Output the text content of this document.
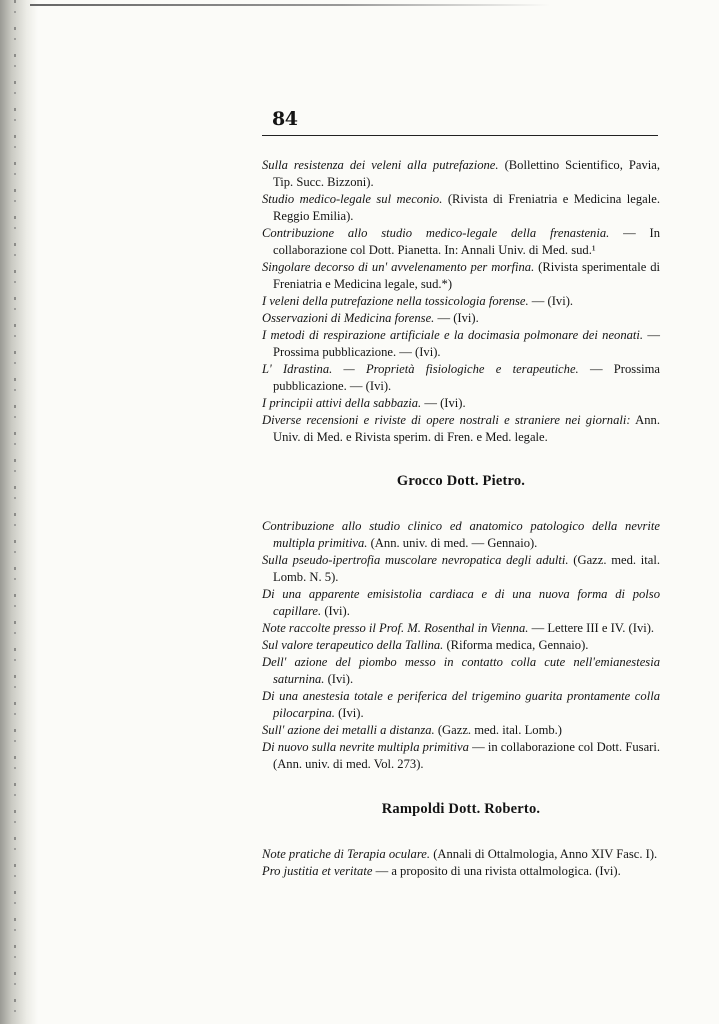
84

Sulla resistenza dei veleni alla putrefazione. (Bollettino Scientifico, Pavia, Tip. Succ. Bizzoni).

Studio medico-legale sul meconio. (Rivista di Freniatria e Medicina legale. Reggio Emilia).

Contribuzione allo studio medico-legale della frenastenia. — In collaborazione col Dott. Pianetta. In: Annali Univ. di Med. sud.¹

Singolare decorso di un' avvelenamento per morfina. (Rivista sperimentale di Freniatria e Medicina legale, sud.*)

I veleni della putrefazione nella tossicologia forense. — (Ivi).

Osservazioni di Medicina forense. — (Ivi).

I metodi di respirazione artificiale e la docimasia polmonare dei neonati. — Prossima pubblicazione. — (Ivi).

L' Idrastina. — Proprietà fisiologiche e terapeutiche. — Prossima pubblicazione. — (Ivi).

I principii attivi della sabbazia. — (Ivi).

Diverse recensioni e riviste di opere nostrali e straniere nei giornali: Ann. Univ. di Med. e Rivista sperim. di Fren. e Med. legale.

Grocco Dott. Pietro.

Contribuzione allo studio clinico ed anatomico patologico della nevrite multipla primitiva. (Ann. univ. di med. — Gennaio).

Sulla pseudo-ipertrofia muscolare nevropatica degli adulti. (Gazz. med. ital. Lomb. N. 5).

Di una apparente emisistolia cardiaca e di una nuova forma di polso capillare. (Ivi).

Note raccolte presso il Prof. M. Rosenthal in Vienna. — Lettere III e IV. (Ivi).

Sul valore terapeutico della Tallina. (Riforma medica, Gennaio).

Dell' azione del piombo messo in contatto colla cute nell'emianestesia saturnina. (Ivi).

Di una anestesia totale e periferica del trigemino guarita prontamente colla pilocarpina. (Ivi).

Sull' azione dei metalli a distanza. (Gazz. med. ital. Lomb.)

Di nuovo sulla nevrite multipla primitiva — in collaborazione col Dott. Fusari. (Ann. univ. di med. Vol. 273).

Rampoldi Dott. Roberto.

Note pratiche di Terapia oculare. (Annali di Ottalmologia, Anno XIV Fasc. I).

Pro justitia et veritate — a proposito di una rivista ottalmologica. (Ivi).
